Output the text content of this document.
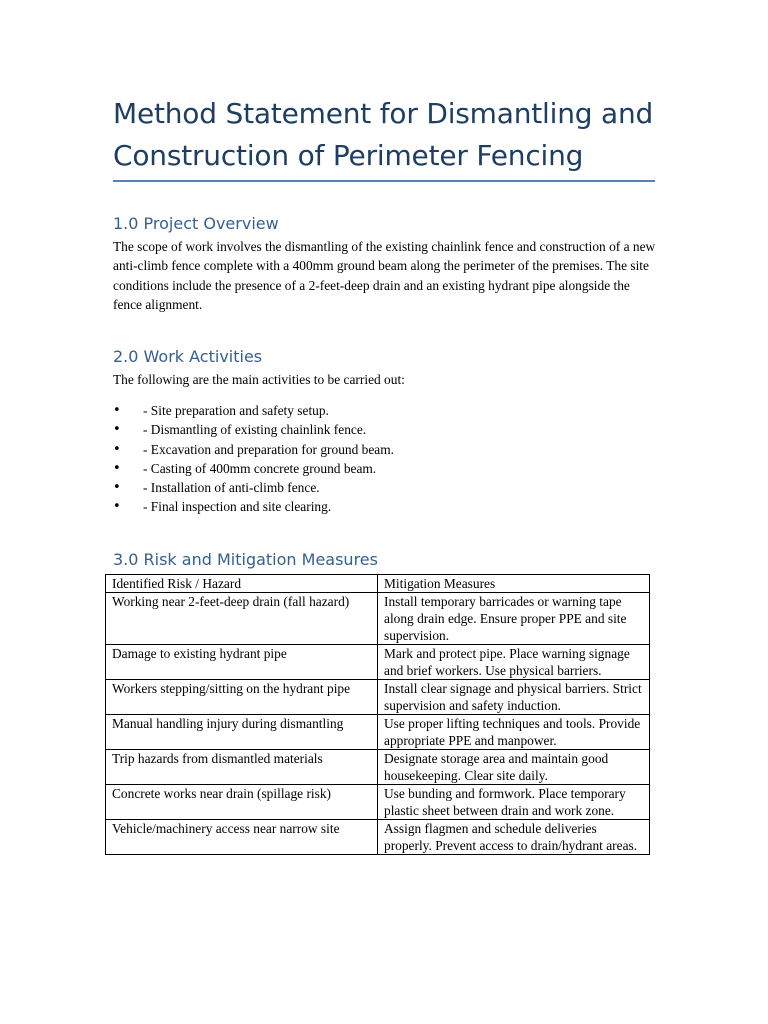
Method Statement for Dismantling and Construction of Perimeter Fencing
1.0 Project Overview

The scope of work involves the dismantling of the existing chainlink fence and construction of a new anti-climb fence complete with a 400mm ground beam along the perimeter of the premises. The site conditions include the presence of a 2-feet-deep drain and an existing hydrant pipe alongside the fence alignment.

2.0 Work Activities

The following are the main activities to be carried out:

• - Site preparation and safety setup.
• - Dismantling of existing chainlink fence.
• - Excavation and preparation for ground beam.
• - Casting of 400mm concrete ground beam.
• - Installation of anti-climb fence.
• - Final inspection and site clearing.
3.0 Risk and Mitigation Measures
Identified Risk / Hazard	Mitigation Measures
Working near 2-feet-deep drain (fall hazard)	Install temporary barricades or warning tape along drain edge. Ensure proper PPE and site supervision.
Damage to existing hydrant pipe	Mark and protect pipe. Place warning signage and brief workers. Use physical barriers.
Workers stepping/sitting on the hydrant pipe	Install clear signage and physical barriers. Strict supervision and safety induction.
Manual handling injury during dismantling	Use proper lifting techniques and tools. Provide appropriate PPE and manpower.
Trip hazards from dismantled materials	Designate storage area and maintain good housekeeping. Clear site daily.
Concrete works near drain (spillage risk)	Use bunding and formwork. Place temporary plastic sheet between drain and work zone.
Vehicle/machinery access near narrow site	Assign flagmen and schedule deliveries properly. Prevent access to drain/hydrant areas.
